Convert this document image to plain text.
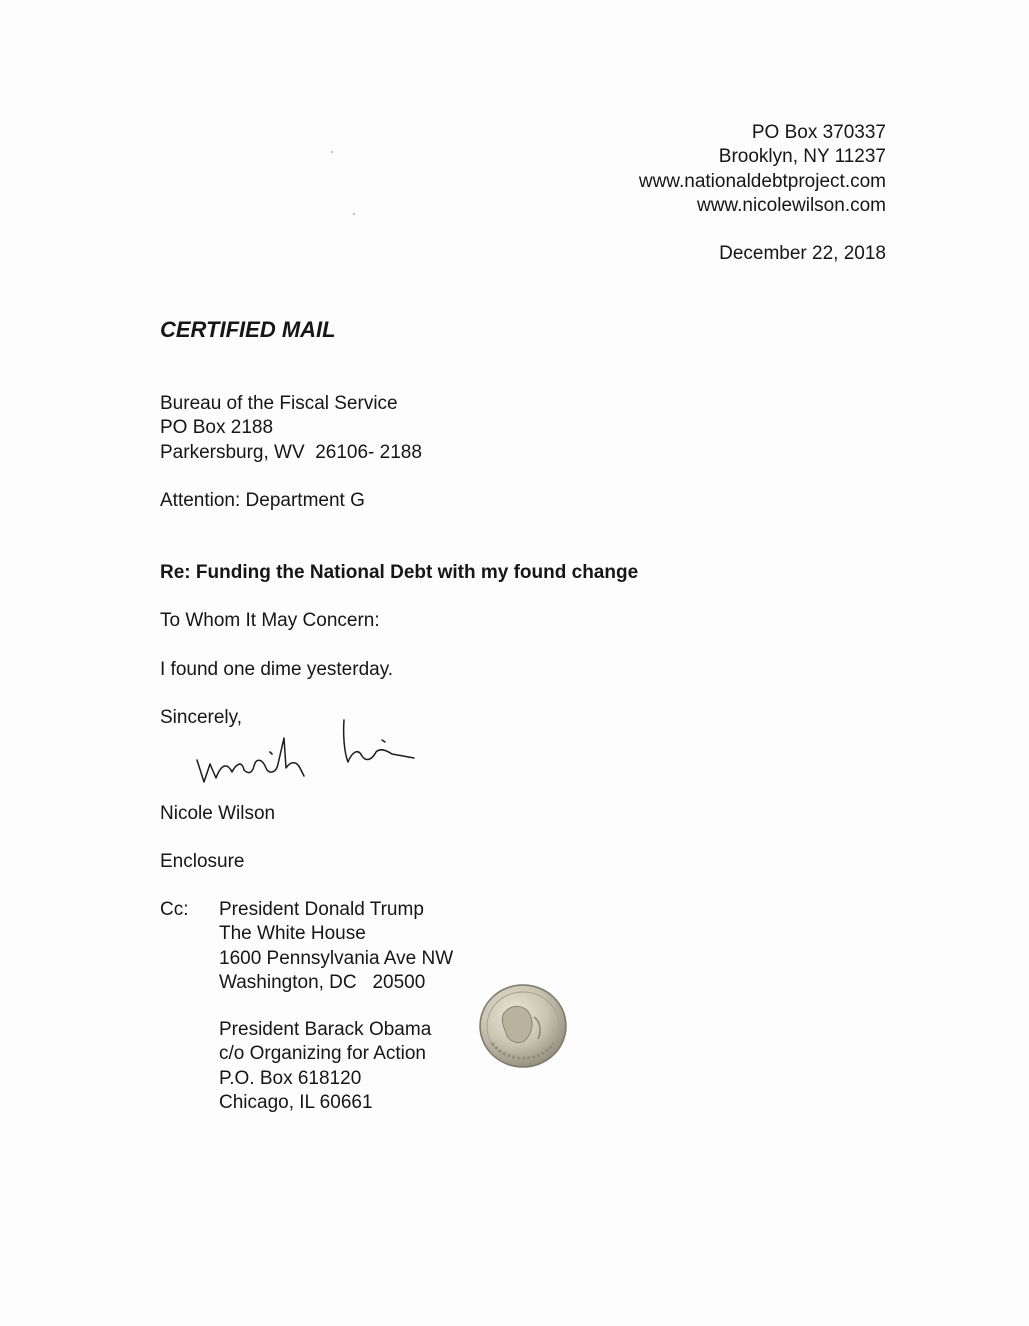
PO Box 370337
Brooklyn, NY 11237
www.nationaldebtproject.com
www.nicolewilson.com
December 22, 2018
CERTIFIED MAIL
Bureau of the Fiscal Service
PO Box 2188
Parkersburg, WV  26106- 2188
Attention: Department G
Re: Funding the National Debt with my found change
To Whom It May Concern:
I found one dime yesterday.
Sincerely,
Nicole Wilson
Enclosure
Cc: President Donald Trump
The White House
1600 Pennsylvania Ave NW
Washington, DC   20500
President Barack Obama
c/o Organizing for Action
P.O. Box 618120
Chicago, IL 60661
